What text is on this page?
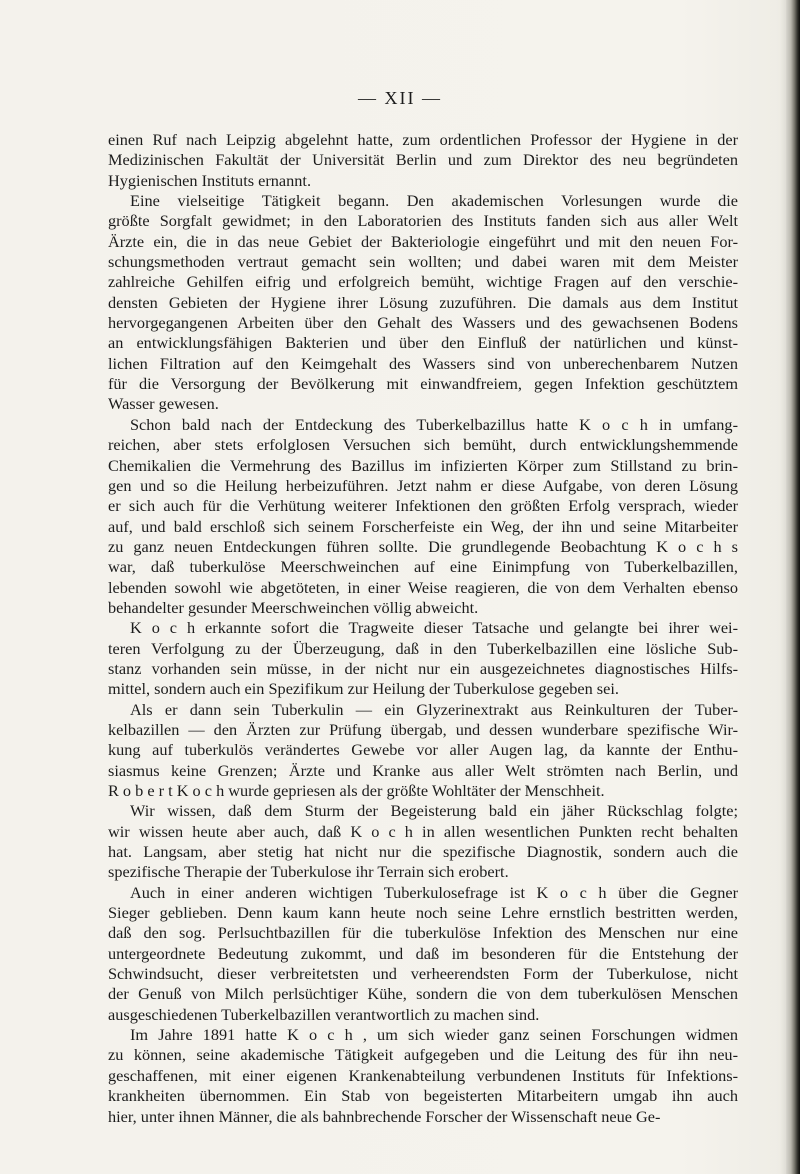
— XII —

einen Ruf nach Leipzig abgelehnt hatte, zum ordentlichen Professor der Hygiene in der

Medizinischen Fakultät der Universität Berlin und zum Direktor des neu begründeten

Hygienischen Instituts ernannt.

Eine vielseitige Tätigkeit begann. Den akademischen Vorlesungen wurde die

größte Sorgfalt gewidmet; in den Laboratorien des Instituts fanden sich aus aller Welt

Ärzte ein, die in das neue Gebiet der Bakteriologie eingeführt und mit den neuen For-

schungsmethoden vertraut gemacht sein wollten; und dabei waren mit dem Meister

zahlreiche Gehilfen eifrig und erfolgreich bemüht, wichtige Fragen auf den verschie-

densten Gebieten der Hygiene ihrer Lösung zuzuführen. Die damals aus dem Institut

hervorgegangenen Arbeiten über den Gehalt des Wassers und des gewachsenen Bodens

an entwicklungsfähigen Bakterien und über den Einfluß der natürlichen und künst-

lichen Filtration auf den Keimgehalt des Wassers sind von unberechenbarem Nutzen

für die Versorgung der Bevölkerung mit einwandfreiem, gegen Infektion geschütztem

Wasser gewesen.

Schon bald nach der Entdeckung des Tuberkelbazillus hatte K o c h in umfang-

reichen, aber stets erfolglosen Versuchen sich bemüht, durch entwicklungshemmende

Chemikalien die Vermehrung des Bazillus im infizierten Körper zum Stillstand zu brin-

gen und so die Heilung herbeizuführen. Jetzt nahm er diese Aufgabe, von deren Lösung

er sich auch für die Verhütung weiterer Infektionen den größten Erfolg versprach, wieder

auf, und bald erschloß sich seinem Forscherfeiste ein Weg, der ihn und seine Mitarbeiter

zu ganz neuen Entdeckungen führen sollte. Die grundlegende Beobachtung K o c h s

war, daß tuberkulöse Meerschweinchen auf eine Einimpfung von Tuberkelbazillen,

lebenden sowohl wie abgetöteten, in einer Weise reagieren, die von dem Verhalten ebenso

behandelter gesunder Meerschweinchen völlig abweicht.

K o c h erkannte sofort die Tragweite dieser Tatsache und gelangte bei ihrer wei-

teren Verfolgung zu der Überzeugung, daß in den Tuberkelbazillen eine lösliche Sub-

stanz vorhanden sein müsse, in der nicht nur ein ausgezeichnetes diagnostisches Hilfs-

mittel, sondern auch ein Spezifikum zur Heilung der Tuberkulose gegeben sei.

Als er dann sein Tuberkulin — ein Glyzerinextrakt aus Reinkulturen der Tuber-

kelbazillen — den Ärzten zur Prüfung übergab, und dessen wunderbare spezifische Wir-

kung auf tuberkulös verändertes Gewebe vor aller Augen lag, da kannte der Enthu-

siasmus keine Grenzen; Ärzte und Kranke aus aller Welt strömten nach Berlin, und

R o b e r t K o c h wurde gepriesen als der größte Wohltäter der Menschheit.

Wir wissen, daß dem Sturm der Begeisterung bald ein jäher Rückschlag folgte;

wir wissen heute aber auch, daß K o c h in allen wesentlichen Punkten recht behalten

hat. Langsam, aber stetig hat nicht nur die spezifische Diagnostik, sondern auch die

spezifische Therapie der Tuberkulose ihr Terrain sich erobert.

Auch in einer anderen wichtigen Tuberkulosefrage ist K o c h über die Gegner

Sieger geblieben. Denn kaum kann heute noch seine Lehre ernstlich bestritten werden,

daß den sog. Perlsuchtbazillen für die tuberkulöse Infektion des Menschen nur eine

untergeordnete Bedeutung zukommt, und daß im besonderen für die Entstehung der

Schwindsucht, dieser verbreitetsten und verheerendsten Form der Tuberkulose, nicht

der Genuß von Milch perlsüchtiger Kühe, sondern die von dem tuberkulösen Menschen

ausgeschiedenen Tuberkelbazillen verantwortlich zu machen sind.

Im Jahre 1891 hatte K o c h , um sich wieder ganz seinen Forschungen widmen

zu können, seine akademische Tätigkeit aufgegeben und die Leitung des für ihn neu-

geschaffenen, mit einer eigenen Krankenabteilung verbundenen Instituts für Infektions-

krankheiten übernommen. Ein Stab von begeisterten Mitarbeitern umgab ihn auch

hier, unter ihnen Männer, die als bahnbrechende Forscher der Wissenschaft neue Ge-
